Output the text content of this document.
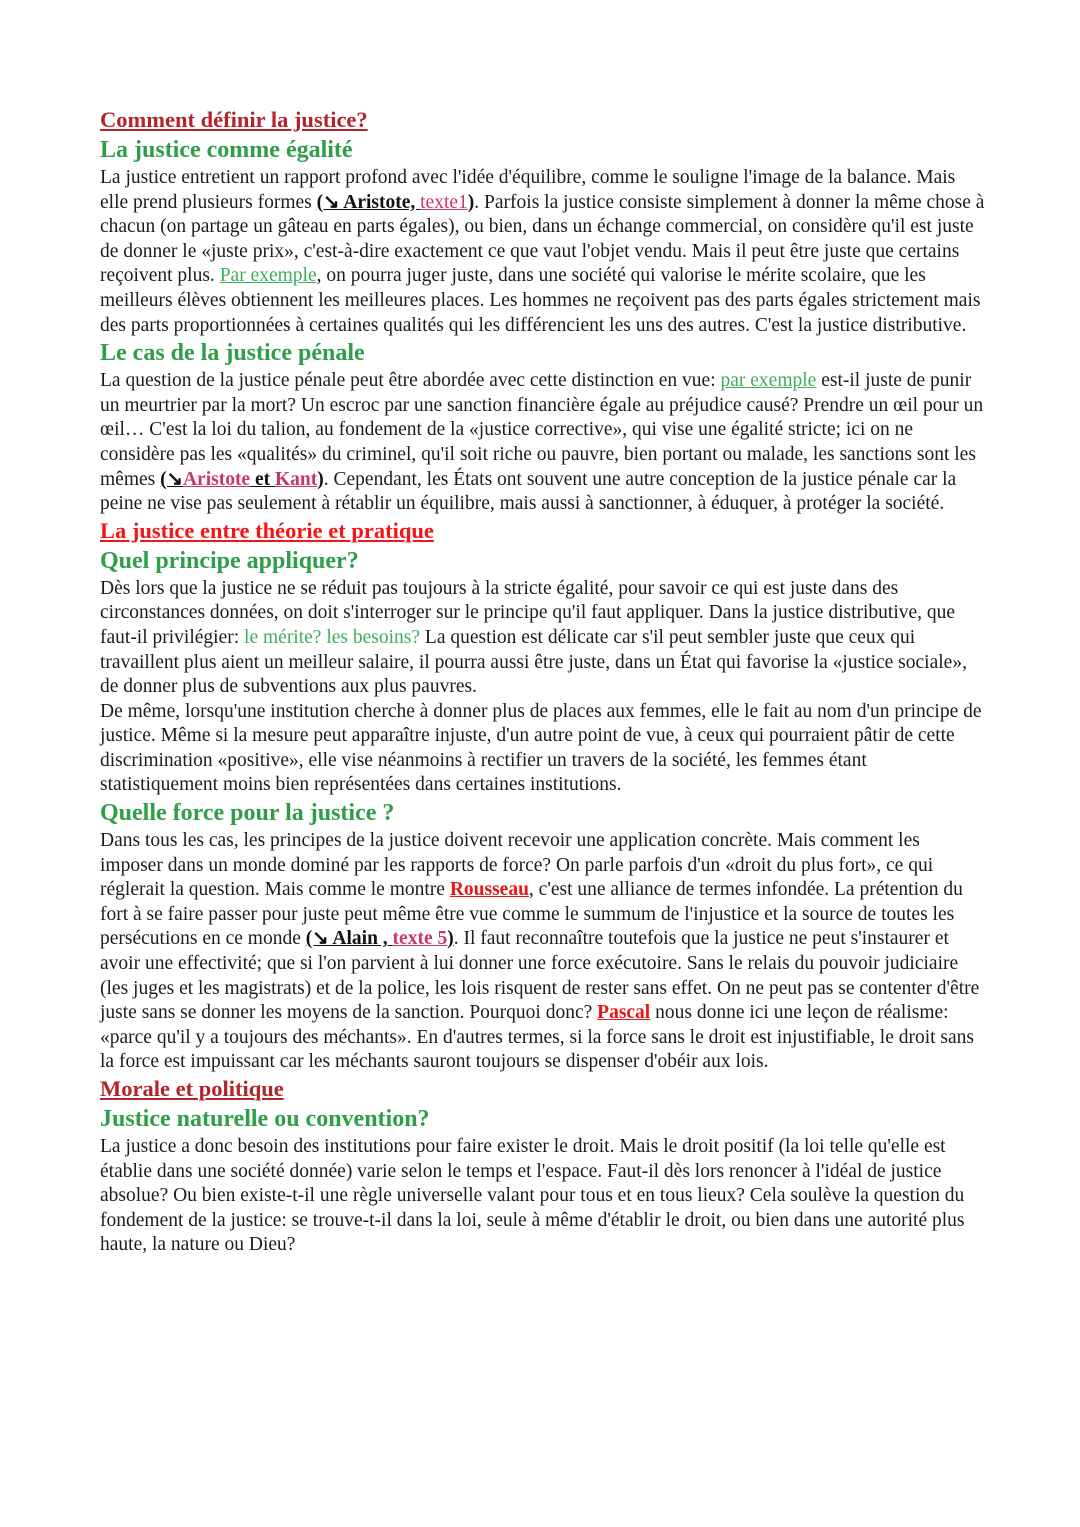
Comment définir la justice?
La justice comme égalité

La justice entretient un rapport profond avec l'idée d'équilibre, comme le souligne l'image de la balance. Mais elle prend plusieurs formes (↘ Aristote, texte1). Parfois la justice consiste simplement à donner la même chose à chacun (on partage un gâteau en parts égales), ou bien, dans un échange commercial, on considère qu'il est juste de donner le «juste prix», c'est-à-dire exactement ce que vaut l'objet vendu. Mais il peut être juste que certains reçoivent plus. Par exemple, on pourra juger juste, dans une société qui valorise le mérite scolaire, que les meilleurs élèves obtiennent les meilleures places. Les hommes ne reçoivent pas des parts égales strictement mais des parts proportionnées à certaines qualités qui les différencient les uns des autres. C'est la justice distributive.

Le cas de la justice pénale

La question de la justice pénale peut être abordée avec cette distinction en vue: par exemple est-il juste de punir un meurtrier par la mort? Un escroc par une sanction financière égale au préjudice causé? Prendre un œil pour un œil… C'est la loi du talion, au fondement de la «justice corrective», qui vise une égalité stricte; ici on ne considère pas les «qualités» du criminel, qu'il soit riche ou pauvre, bien portant ou malade, les sanctions sont les mêmes (↘Aristote et Kant). Cependant, les États ont souvent une autre conception de la justice pénale car la peine ne vise pas seulement à rétablir un équilibre, mais aussi à sanctionner, à éduquer, à protéger la société.

La justice entre théorie et pratique
Quel principe appliquer?

Dès lors que la justice ne se réduit pas toujours à la stricte égalité, pour savoir ce qui est juste dans des circonstances données, on doit s'interroger sur le principe qu'il faut appliquer. Dans la justice distributive, que faut-il privilégier: le mérite? les besoins? La question est délicate car s'il peut sembler juste que ceux qui travaillent plus aient un meilleur salaire, il pourra aussi être juste, dans un État qui favorise la «justice sociale», de donner plus de subventions aux plus pauvres.

De même, lorsqu'une institution cherche à donner plus de places aux femmes, elle le fait au nom d'un principe de justice. Même si la mesure peut apparaître injuste, d'un autre point de vue, à ceux qui pourraient pâtir de cette discrimination «positive», elle vise néanmoins à rectifier un travers de la société, les femmes étant statistiquement moins bien représentées dans certaines institutions.

Quelle force pour la justice ?

Dans tous les cas, les principes de la justice doivent recevoir une application concrète. Mais comment les imposer dans un monde dominé par les rapports de force? On parle parfois d'un «droit du plus fort», ce qui réglerait la question. Mais comme le montre Rousseau, c'est une alliance de termes infondée. La prétention du fort à se faire passer pour juste peut même être vue comme le summum de l'injustice et la source de toutes les persécutions en ce monde (↘ Alain , texte 5). Il faut reconnaître toutefois que la justice ne peut s'instaurer et avoir une effectivité; que si l'on parvient à lui donner une force exécutoire. Sans le relais du pouvoir judiciaire (les juges et les magistrats) et de la police, les lois risquent de rester sans effet. On ne peut pas se contenter d'être juste sans se donner les moyens de la sanction. Pourquoi donc? Pascal nous donne ici une leçon de réalisme: «parce qu'il y a toujours des méchants». En d'autres termes, si la force sans le droit est injustifiable, le droit sans la force est impuissant car les méchants sauront toujours se dispenser d'obéir aux lois.

Morale et politique
Justice naturelle ou convention?

La justice a donc besoin des institutions pour faire exister le droit. Mais le droit positif (la loi telle qu'elle est établie dans une société donnée) varie selon le temps et l'espace. Faut-il dès lors renoncer à l'idéal de justice absolue? Ou bien existe-t-il une règle universelle valant pour tous et en tous lieux? Cela soulève la question du fondement de la justice: se trouve-t-il dans la loi, seule à même d'établir le droit, ou bien dans une autorité plus haute, la nature ou Dieu?
